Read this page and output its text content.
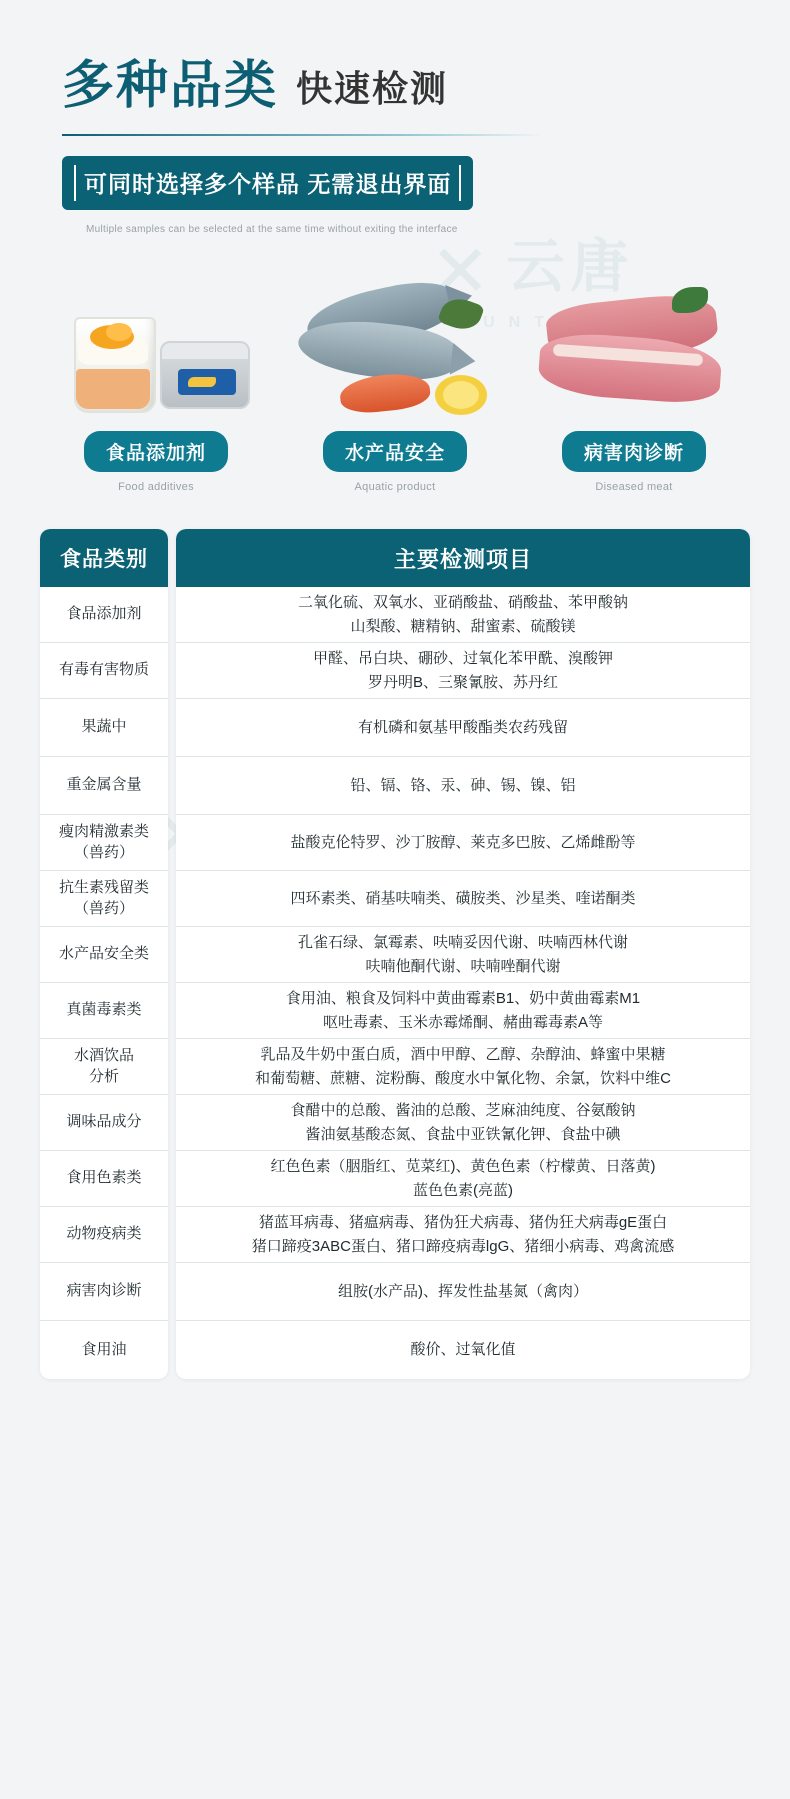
✕ 云唐
多种品类 快速检测
可同时选择多个样品 无需退出界面
Multiple samples can be selected at the same time without exiting the interface
食品添加剂
Food additives
水产品安全
Aquatic product
病害肉诊断
Diseased meat
食品类别
食品添加剂
有毒有害物质
果蔬中
重金属含量
瘦肉精激素类
（兽药）
抗生素残留类
（兽药）
水产品安全类
真菌毒素类
水酒饮品
分析
调味品成分
食用色素类
动物疫病类
病害肉诊断
食用油
主要检测项目
二氧化硫、双氧水、亚硝酸盐、硝酸盐、苯甲酸钠
山梨酸、糖精钠、甜蜜素、硫酸镁
甲醛、吊白块、硼砂、过氧化苯甲酰、溴酸钾
罗丹明B、三聚氰胺、苏丹红
有机磷和氨基甲酸酯类农药残留
铅、镉、铬、汞、砷、锡、镍、铝
盐酸克伦特罗、沙丁胺醇、莱克多巴胺、乙烯雌酚等
四环素类、硝基呋喃类、磺胺类、沙星类、喹诺酮类
孔雀石绿、氯霉素、呋喃妥因代谢、呋喃西林代谢
呋喃他酮代谢、呋喃唑酮代谢
食用油、粮食及饲料中黄曲霉素B1、奶中黄曲霉素M1
呕吐毒素、玉米赤霉烯酮、赭曲霉毒素A等
乳品及牛奶中蛋白质，酒中甲醇、乙醇、杂醇油、蜂蜜中果糖
和葡萄糖、蔗糖、淀粉酶、酸度水中氰化物、余氯，饮料中维C
食醋中的总酸、酱油的总酸、芝麻油纯度、谷氨酸钠
酱油氨基酸态氮、食盐中亚铁氰化钾、食盐中碘
红色色素（胭脂红、苋菜红)、黄色色素（柠檬黄、日落黄)
蓝色色素(亮蓝)
猪蓝耳病毒、猪瘟病毒、猪伪狂犬病毒、猪伪狂犬病毒gE蛋白
猪口蹄疫3ABC蛋白、猪口蹄疫病毒lgG、猪细小病毒、鸡禽流感
组胺(水产品)、挥发性盐基氮（禽肉）
酸价、过氧化值
